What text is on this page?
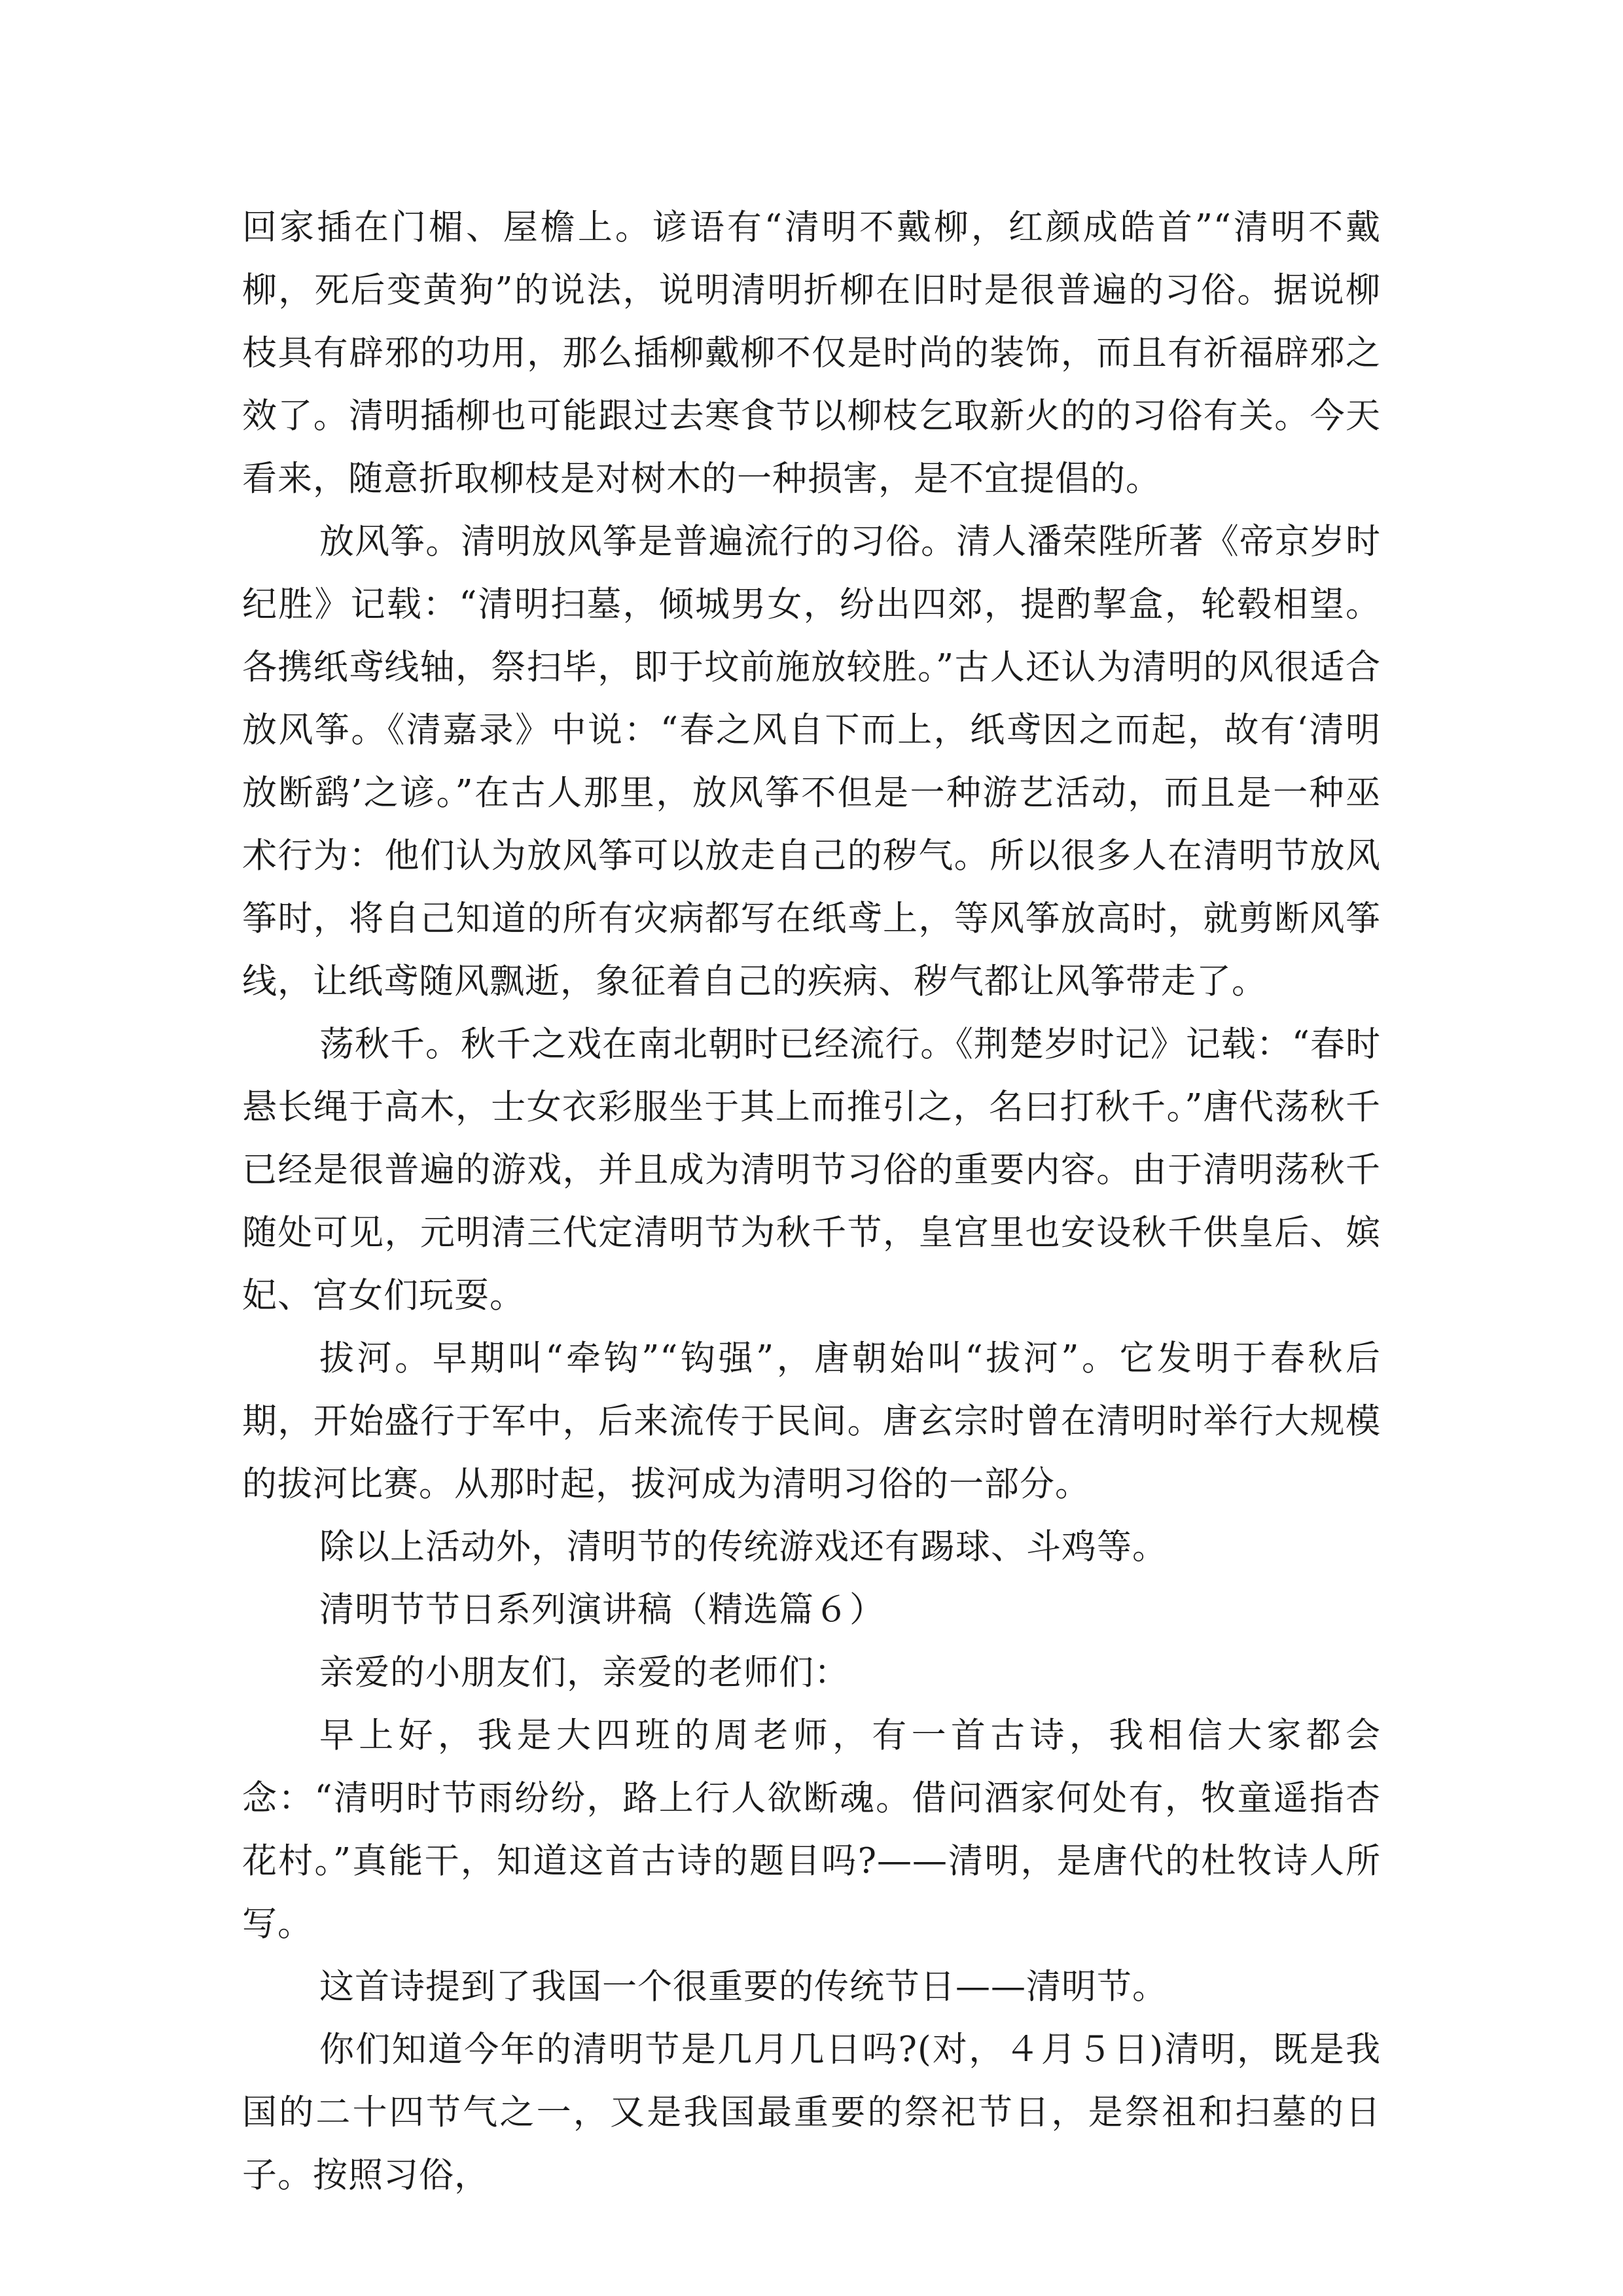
回家插在门楣、屋檐上。谚语有“清明不戴柳，红颜成皓首”“清明不戴柳，死后变黄狗”的说法，说明清明折柳在旧时是很普遍的习俗。据说柳枝具有辟邪的功用，那么插柳戴柳不仅是时尚的装饰，而且有祈福辟邪之效了。清明插柳也可能跟过去寒食节以柳枝乞取新火的的习俗有关。今天看来，随意折取柳枝是对树木的一种损害，是不宜提倡的。

放风筝。清明放风筝是普遍流行的习俗。清人潘荣陛所著《帝京岁时纪胜》记载：“清明扫墓，倾城男女，纷出四郊，提酌挈盒，轮毂相望。各携纸鸢线轴，祭扫毕，即于坟前施放较胜。”古人还认为清明的风很适合放风筝。《清嘉录》中说：“春之风自下而上，纸鸢因之而起，故有‘清明放断鹞’之谚。”在古人那里，放风筝不但是一种游艺活动，而且是一种巫术行为：他们认为放风筝可以放走自己的秽气。所以很多人在清明节放风筝时，将自己知道的所有灾病都写在纸鸢上，等风筝放高时，就剪断风筝线，让纸鸢随风飘逝，象征着自己的疾病、秽气都让风筝带走了。

荡秋千。秋千之戏在南北朝时已经流行。《荆楚岁时记》记载：“春时悬长绳于高木，士女衣彩服坐于其上而推引之，名曰打秋千。”唐代荡秋千已经是很普遍的游戏，并且成为清明节习俗的重要内容。由于清明荡秋千随处可见，元明清三代定清明节为秋千节，皇宫里也安设秋千供皇后、嫔妃、宫女们玩耍。

拔河。早期叫“牵钩”“钩强”，唐朝始叫“拔河”。它发明于春秋后期，开始盛行于军中，后来流传于民间。唐玄宗时曾在清明时举行大规模的拔河比赛。从那时起，拔河成为清明习俗的一部分。

除以上活动外，清明节的传统游戏还有踢球、斗鸡等。

清明节节日系列演讲稿（精选篇６）

亲爱的小朋友们，亲爱的老师们：

早上好，我是大四班的周老师，有一首古诗，我相信大家都会念：“清明时节雨纷纷，路上行人欲断魂。借问酒家何处有，牧童遥指杏花村。”真能干，知道这首古诗的题目吗?——清明，是唐代的杜牧诗人所写。

这首诗提到了我国一个很重要的传统节日——清明节。

你们知道今年的清明节是几月几日吗?(对，４月５日)清明，既是我国的二十四节气之一，又是我国最重要的祭祀节日，是祭祖和扫墓的日子。按照习俗，
